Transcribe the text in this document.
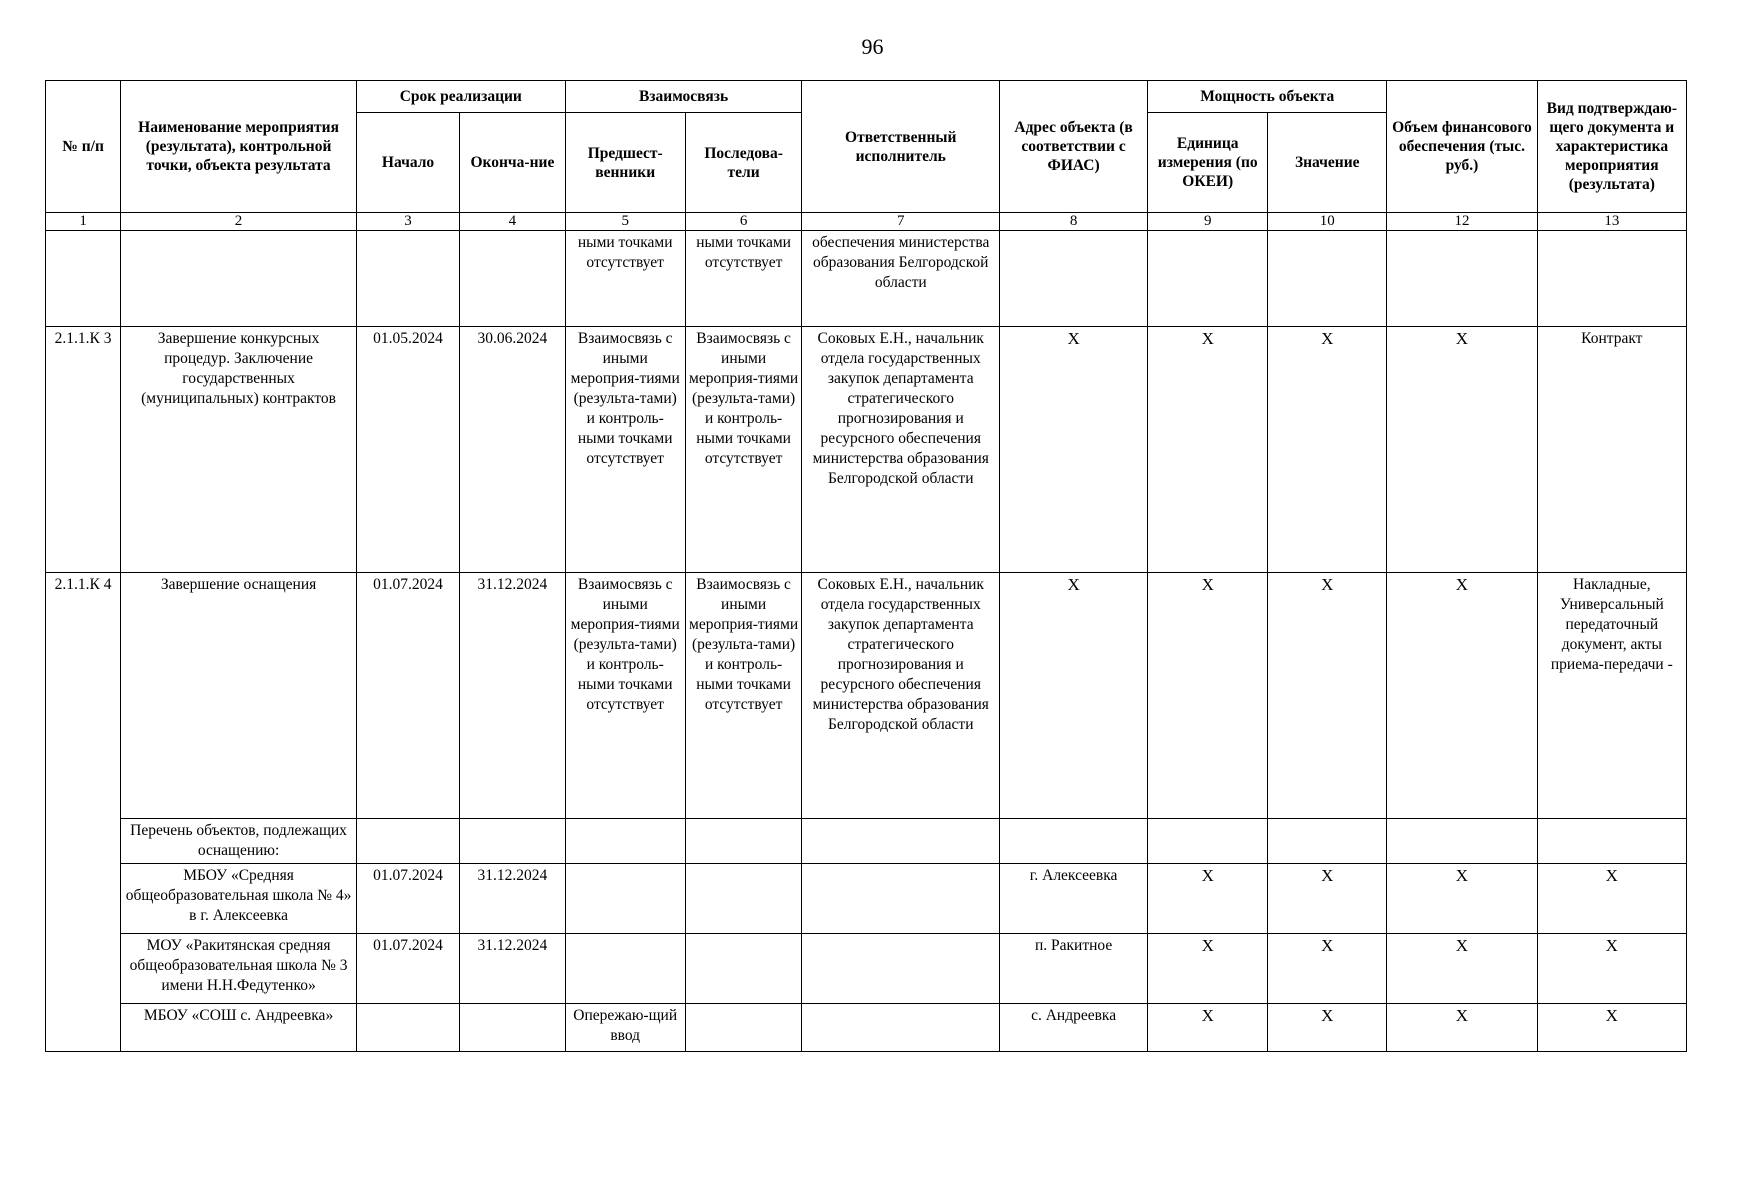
96
№ п/п	Наименование мероприятия (результата), контрольной точки, объекта результата	Срок реализации		Взаимосвязь		Ответственный исполнитель	Адрес объекта (в соответствии с ФИАС)	Мощность объекта		Объем финансового обеспечения (тыс. руб.)	Вид подтверждаю-щего документа и характеристика мероприятия (результата)
		Начало	Оконча-ние	Предшест-венники	Последова-тели			Единица измерения (по ОКЕИ)	Значение		
1	2	3	4	5	6	7	8	9	10	12	13
				ными точками отсутствует	ными точками отсутствует	обеспечения министерства образования Белгородской области					
2.1.1.К 3	Завершение конкурсных процедур. Заключение государственных (муниципальных) контрактов	01.05.2024	30.06.2024	Взаимосвязь с иными мероприя-тиями (результа-тами) и контроль-ными точками отсутствует	Взаимосвязь с иными мероприя-тиями (результа-тами) и контроль-ными точками отсутствует	Соковых Е.Н., начальник отдела государственных закупок департамента стратегического прогнозирования и ресурсного обеспечения министерства образования Белгородской области	X	X	X	X	Контракт
2.1.1.К 4	Завершение оснащения	01.07.2024	31.12.2024	Взаимосвязь с иными мероприя-тиями (результа-тами) и контроль-ными точками отсутствует	Взаимосвязь с иными мероприя-тиями (результа-тами) и контроль-ными точками отсутствует	Соковых Е.Н., начальник отдела государственных закупок департамента стратегического прогнозирования и ресурсного обеспечения министерства образования Белгородской области	X	X	X	X	Накладные, Универсальный передаточный документ, акты приема-передачи -
	Перечень объектов, подлежащих оснащению:										
	МБОУ «Средняя общеобразовательная школа № 4» в г. Алексеевка	01.07.2024	31.12.2024				г. Алексеевка	X	X	X	X
	МОУ «Ракитянская средняя общеобразовательная школа № 3 имени Н.Н.Федутенко»	01.07.2024	31.12.2024				п. Ракитное	X	X	X	X
	МБОУ «СОШ с. Андреевка»			Опережаю-щий ввод			с. Андреевка	X	X	X	X
